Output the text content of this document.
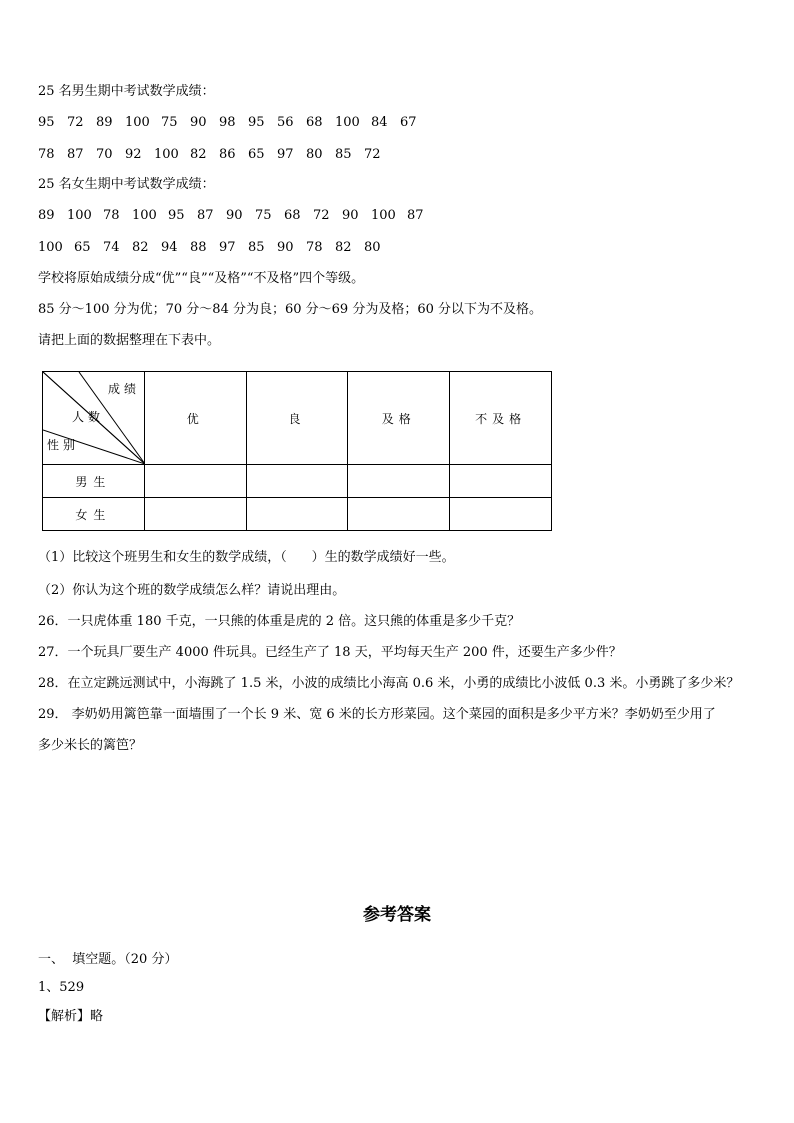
25 名男生期中考试数学成绩：
95 72 89 100 75 90 98 95 56 68 100 84 67
78 87 70 92 100 82 86 65 97 80 85 72
25 名女生期中考试数学成绩：
89 100 78 100 95 87 90 75 68 72 90 100 87
100 65 74 82 94 88 97 85 90 78 82 80
学校将原始成绩分成“优”“良”“及格”“不及格”四个等级。
85 分～100 分为优；70 分～84 分为良；60 分～69 分为及格；60 分以下为不及格。
请把上面的数据整理在下表中。
成绩
人数
性别	优	良	及格	不及格
男生				
女生				
（1）比较这个班男生和女生的数学成绩，（      ）生的数学成绩好一些。
（2）你认为这个班的数学成绩怎么样？请说出理由。
26．一只虎体重 180 千克，一只熊的体重是虎的 2 倍。这只熊的体重是多少千克？
27．一个玩具厂要生产 4000 件玩具。已经生产了 18 天，平均每天生产 200 件，还要生产多少件？
28．在立定跳远测试中，小海跳了 1.5 米，小波的成绩比小海高 0.6 米，小勇的成绩比小波低 0.3 米。小勇跳了多少米？
29． 李奶奶用篱笆靠一面墙围了一个长 9 米、宽 6 米的长方形菜园。这个菜园的面积是多少平方米？李奶奶至少用了
多少米长的篱笆？
参考答案
一、  填空题。（20 分）
1、529
【解析】略
